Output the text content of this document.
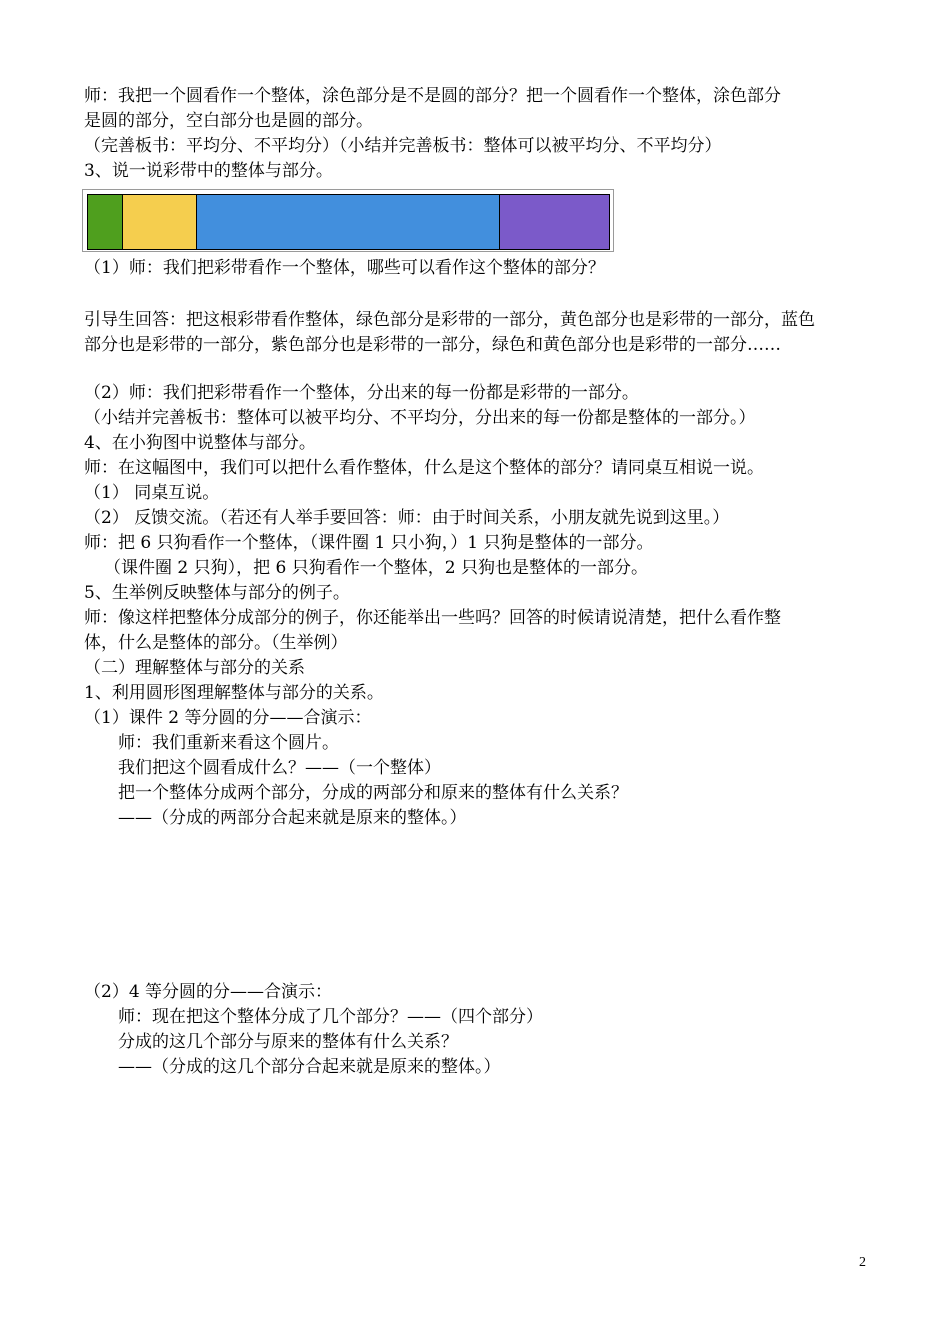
师：我把一个圆看作一个整体，涂色部分是不是圆的部分？把一个圆看作一个整体，涂色部分
是圆的部分，空白部分也是圆的部分。
（完善板书：平均分、不平均分）（小结并完善板书：整体可以被平均分、不平均分）
3、说一说彩带中的整体与部分。
（1）师：我们把彩带看作一个整体，哪些可以看作这个整体的部分？
引导生回答：把这根彩带看作整体，绿色部分是彩带的一部分，黄色部分也是彩带的一部分，蓝色
部分也是彩带的一部分，紫色部分也是彩带的一部分，绿色和黄色部分也是彩带的一部分……
（2）师：我们把彩带看作一个整体，分出来的每一份都是彩带的一部分。
（小结并完善板书：整体可以被平均分、不平均分，分出来的每一份都是整体的一部分。）
4、在小狗图中说整体与部分。
师：在这幅图中，我们可以把什么看作整体，什么是这个整体的部分？请同桌互相说一说。
（1） 同桌互说。
（2） 反馈交流。（若还有人举手要回答：师：由于时间关系，小朋友就先说到这里。）
师：把 6 只狗看作一个整体，（课件圈 1 只小狗，）1 只狗是整体的一部分。
（课件圈 2 只狗），把 6 只狗看作一个整体，2 只狗也是整体的一部分。
5、生举例反映整体与部分的例子。
师：像这样把整体分成部分的例子，你还能举出一些吗？回答的时候请说清楚，把什么看作整
体，什么是整体的部分。（生举例）
（二）理解整体与部分的关系
1、利用圆形图理解整体与部分的关系。
（1）课件 2 等分圆的分——合演示：
师：我们重新来看这个圆片。
我们把这个圆看成什么？——（一个整体）
把一个整体分成两个部分，分成的两部分和原来的整体有什么关系？
——（分成的两部分合起来就是原来的整体。）
（2）4 等分圆的分——合演示：
师：现在把这个整体分成了几个部分？——（四个部分）
分成的这几个部分与原来的整体有什么关系？
——（分成的这几个部分合起来就是原来的整体。）
2
